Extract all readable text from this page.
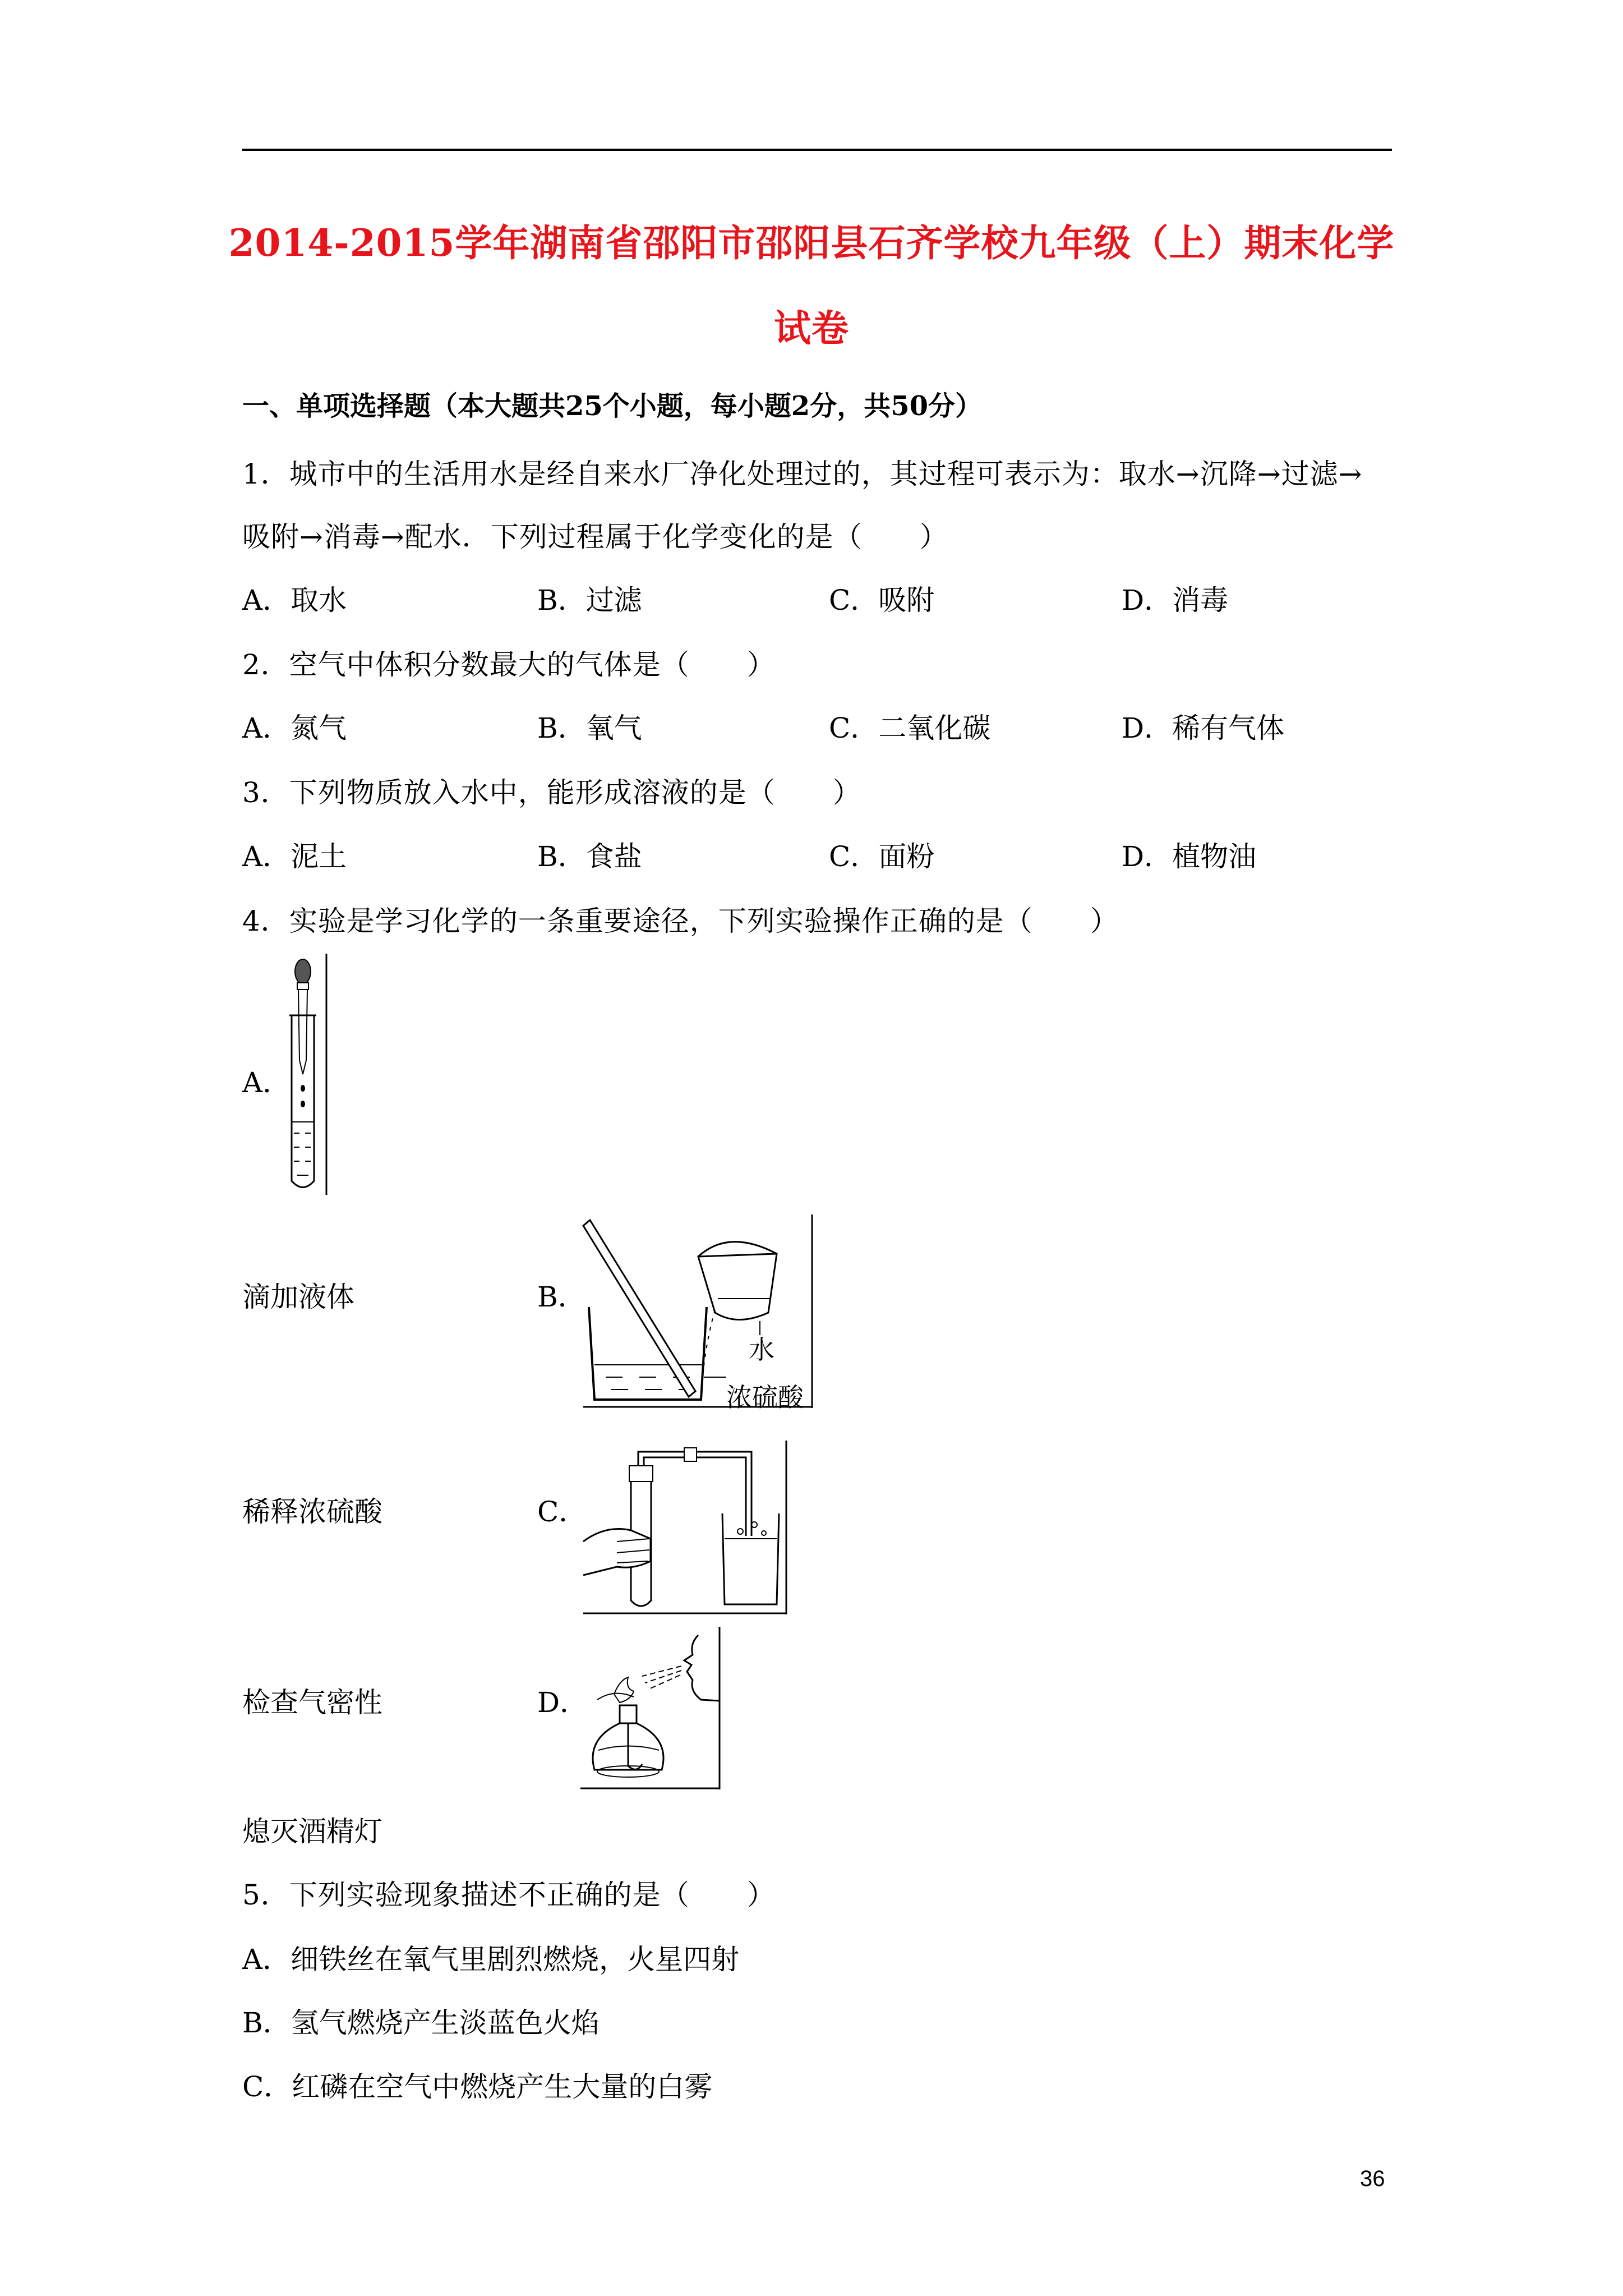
2014-2015学年湖南省邵阳市邵阳县石齐学校九年级（上）期末化学
试卷
一、单项选择题（本大题共25个小题，每小题2分，共50分）
1．城市中的生活用水是经自来水厂净化处理过的，其过程可表示为：取水→沉降→过滤→
吸附→消毒→配水．下列过程属于化学变化的是（　　）
A．取水	B．过滤	C．吸附	D．消毒
2．空气中体积分数最大的气体是（　　）
A．氮气	B．氧气	C．二氧化碳	D．稀有气体
3．下列物质放入水中，能形成溶液的是（　　）
A．泥土	B．食盐	C．面粉	D．植物油
4．实验是学习化学的一条重要途径，下列实验操作正确的是（　　）
A．
滴加液体	B．
水
浓硫酸
稀释浓硫酸	C．
检查气密性	D．
熄灭酒精灯
5．下列实验现象描述不正确的是（　　）
A．细铁丝在氧气里剧烈燃烧，火星四射
B．氢气燃烧产生淡蓝色火焰
C．红磷在空气中燃烧产生大量的白雾
36
